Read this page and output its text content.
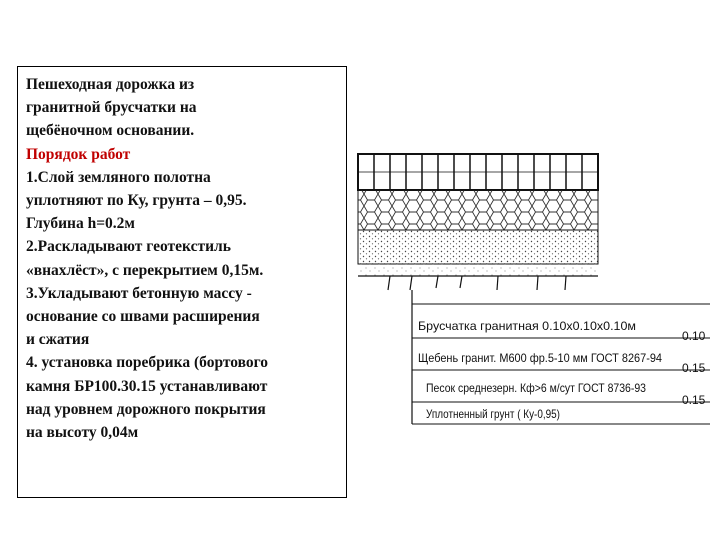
Пешеходная дорожка из
гранитной брусчатки на
щебёночном основании.
Порядок работ
1.Слой земляного полотна
уплотняют по Ку, грунта – 0,95.
Глубина h=0.2м
2.Раскладывают геотекстиль
«внахлёст», с перекрытием 0,15м.
3.Укладывают бетонную массу -
основание со швами расширения
и сжатия
4. установка поребрика (бортового
камня БР100.30.15 устанавливают
над уровнем дорожного покрытия
на высоту 0,04м
Брусчатка гранитная 0.10х0.10х0.10м
0.10
Щебень гранит. М600 фр.5-10 мм ГОСТ 8267-94
0.15
Песок среднезерн. Кф>6 м/сут ГОСТ 8736-93
0.15
Уплотненный грунт ( Ку-0,95)
